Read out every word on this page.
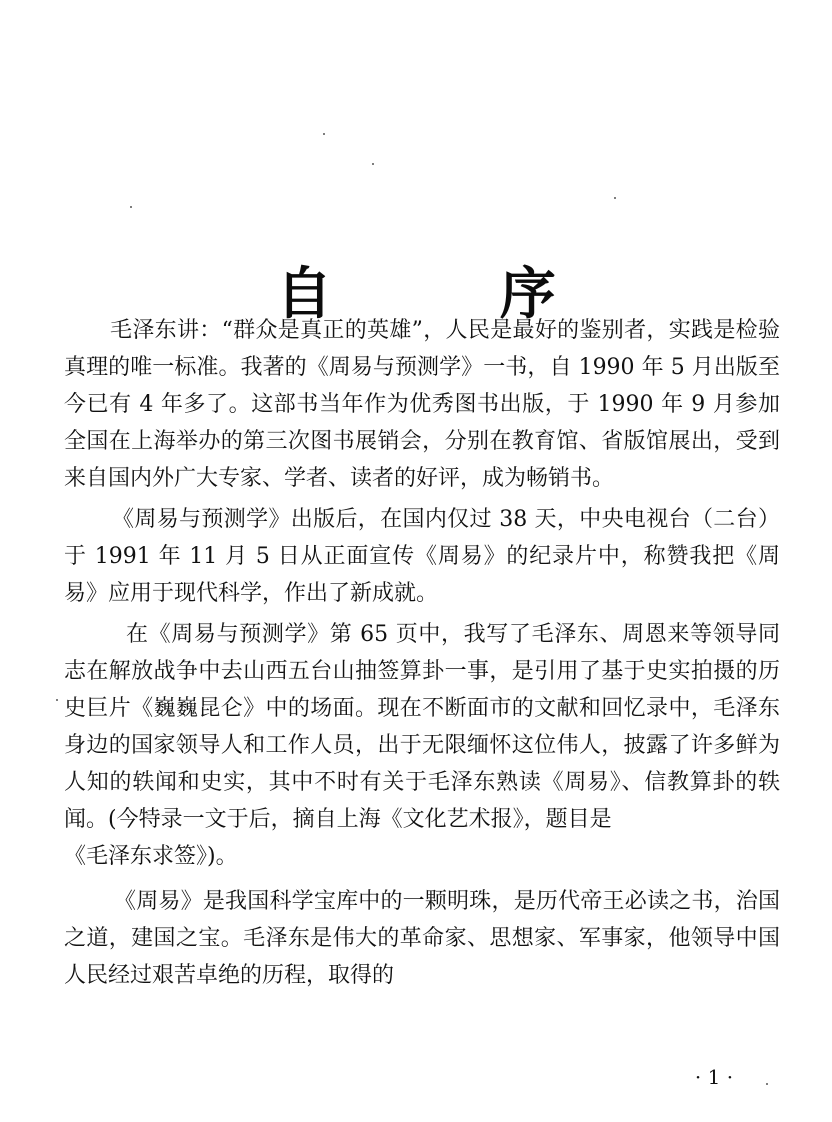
自 序

毛泽东讲：“群众是真正的英雄”，人民是最好的鉴别者，实践是检验真理的唯一标准。我著的《周易与预测学》一书，自 1990 年 5 月出版至今已有 4 年多了。这部书当年作为优秀图书出版，于 1990 年 9 月参加全国在上海举办的第三次图书展销会，分别在教育馆、省版馆展出，受到来自国内外广大专家、学者、读者的好评，成为畅销书。

《周易与预测学》出版后，在国内仅过 38 天，中央电视台（二台）于 1991 年 11 月 5 日从正面宣传《周易》的纪录片中，称赞我把《周易》应用于现代科学，作出了新成就。

在《周易与预测学》第 65 页中，我写了毛泽东、周恩来等领导同志在解放战争中去山西五台山抽签算卦一事，是引用了基于史实拍摄的历史巨片《巍巍昆仑》中的场面。现在不断面市的文献和回忆录中，毛泽东身边的国家领导人和工作人员，出于无限缅怀这位伟人，披露了许多鲜为人知的轶闻和史实，其中不时有关于毛泽东熟读《周易》、信教算卦的轶闻。(今特录一文于后，摘自上海《文化艺术报》，题目是

《毛泽东求签》)。

《周易》是我国科学宝库中的一颗明珠，是历代帝王必读之书，治国之道，建国之宝。毛泽东是伟大的革命家、思想家、军事家，他领导中国人民经过艰苦卓绝的历程，取得的

· 1 ·
